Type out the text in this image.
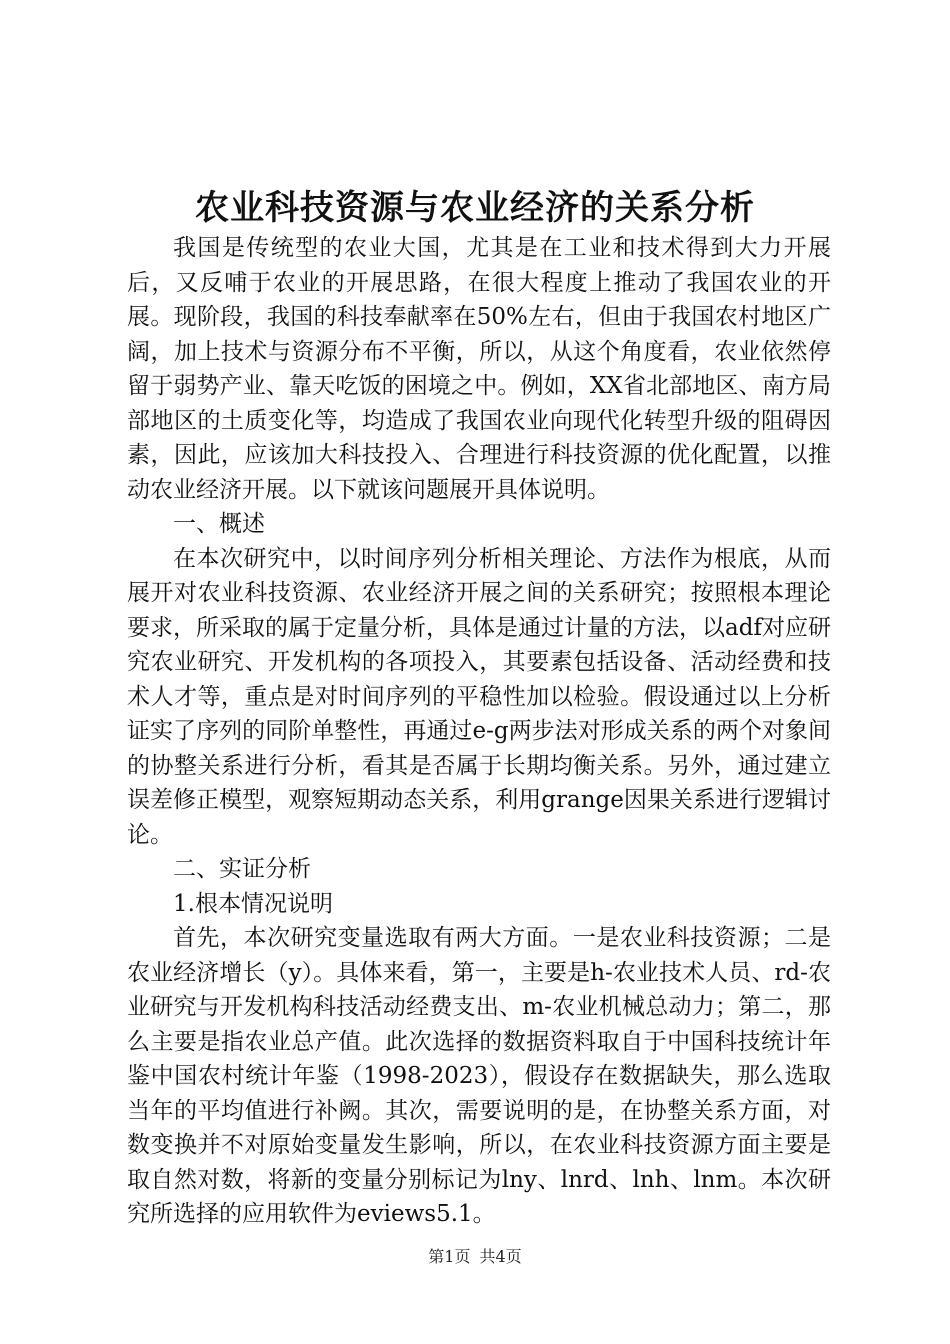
农业科技资源与农业经济的关系分析

我国是传统型的农业大国，尤其是在工业和技术得到大力开展后，又反哺于农业的开展思路，在很大程度上推动了我国农业的开展。现阶段，我国的科技奉献率在50%左右，但由于我国农村地区广阔，加上技术与资源分布不平衡，所以，从这个角度看，农业依然停留于弱势产业、靠天吃饭的困境之中。例如，XX省北部地区、南方局部地区的土质变化等，均造成了我国农业向现代化转型升级的阻碍因素，因此，应该加大科技投入、合理进行科技资源的优化配置，以推动农业经济开展。以下就该问题展开具体说明。

一、概述

在本次研究中，以时间序列分析相关理论、方法作为根底，从而展开对农业科技资源、农业经济开展之间的关系研究；按照根本理论要求，所采取的属于定量分析，具体是通过计量的方法，以adf对应研究农业研究、开发机构的各项投入，其要素包括设备、活动经费和技术人才等，重点是对时间序列的平稳性加以检验。假设通过以上分析证实了序列的同阶单整性，再通过e-g两步法对形成关系的两个对象间的协整关系进行分析，看其是否属于长期均衡关系。另外，通过建立误差修正模型，观察短期动态关系，利用grange因果关系进行逻辑讨论。

二、实证分析

1.根本情况说明

首先，本次研究变量选取有两大方面。一是农业科技资源；二是农业经济增长（y）。具体来看，第一，主要是h-农业技术人员、rd-农业研究与开发机构科技活动经费支出、m-农业机械总动力；第二，那么主要是指农业总产值。此次选择的数据资料取自于中国科技统计年鉴中国农村统计年鉴（1998-2023），假设存在数据缺失，那么选取当年的平均值进行补阙。其次，需要说明的是，在协整关系方面，对数变换并不对原始变量发生影响，所以，在农业科技资源方面主要是取自然对数，将新的变量分别标记为lny、lnrd、lnh、lnm。本次研究所选择的应用软件为eviews5.1。

第1页 共4页
